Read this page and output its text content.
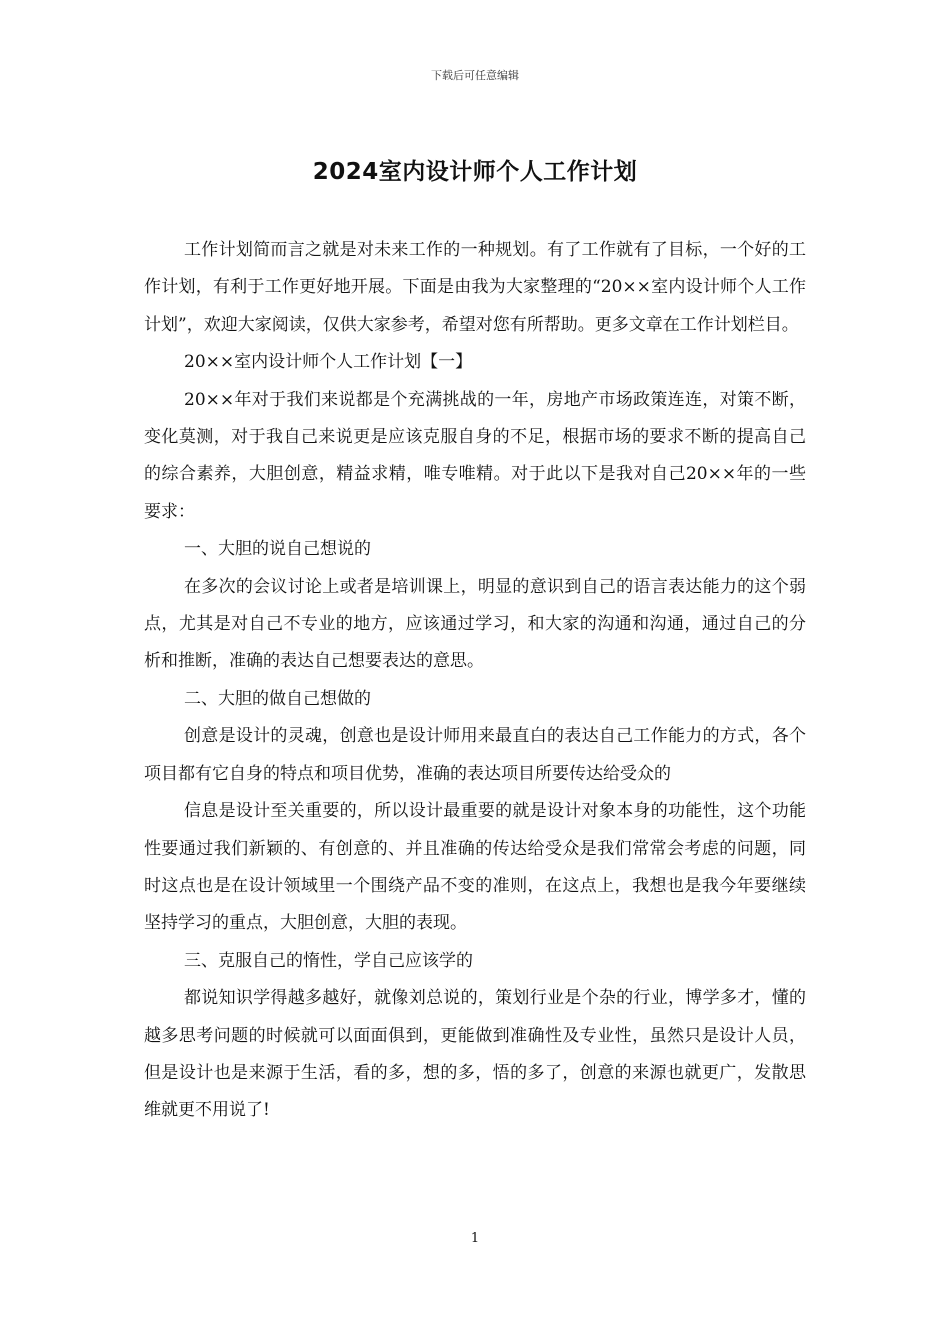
下载后可任意编辑
2024室内设计师个人工作计划

工作计划简而言之就是对未来工作的一种规划。有了工作就有了目标，一个好的工作计划，有利于工作更好地开展。下面是由我为大家整理的“20××室内设计师个人工作计划”，欢迎大家阅读，仅供大家参考，希望对您有所帮助。更多文章在工作计划栏目。

20××室内设计师个人工作计划【一】

20××年对于我们来说都是个充满挑战的一年，房地产市场政策连连，对策不断，变化莫测，对于我自己来说更是应该克服自身的不足，根据市场的要求不断的提高自己的综合素养，大胆创意，精益求精，唯专唯精。对于此以下是我对自己20××年的一些要求：

一、大胆的说自己想说的

在多次的会议讨论上或者是培训课上，明显的意识到自己的语言表达能力的这个弱点，尤其是对自己不专业的地方，应该通过学习，和大家的沟通和沟通，通过自己的分析和推断，准确的表达自己想要表达的意思。

二、大胆的做自己想做的

创意是设计的灵魂，创意也是设计师用来最直白的表达自己工作能力的方式，各个项目都有它自身的特点和项目优势，准确的表达项目所要传达给受众的

信息是设计至关重要的，所以设计最重要的就是设计对象本身的功能性，这个功能性要通过我们新颖的、有创意的、并且准确的传达给受众是我们常常会考虑的问题，同时这点也是在设计领域里一个围绕产品不变的准则，在这点上，我想也是我今年要继续坚持学习的重点，大胆创意，大胆的表现。

三、克服自己的惰性，学自己应该学的

都说知识学得越多越好，就像刘总说的，策划行业是个杂的行业，博学多才，懂的越多思考问题的时候就可以面面俱到，更能做到准确性及专业性，虽然只是设计人员，但是设计也是来源于生活，看的多，想的多，悟的多了，创意的来源也就更广，发散思维就更不用说了!

1
